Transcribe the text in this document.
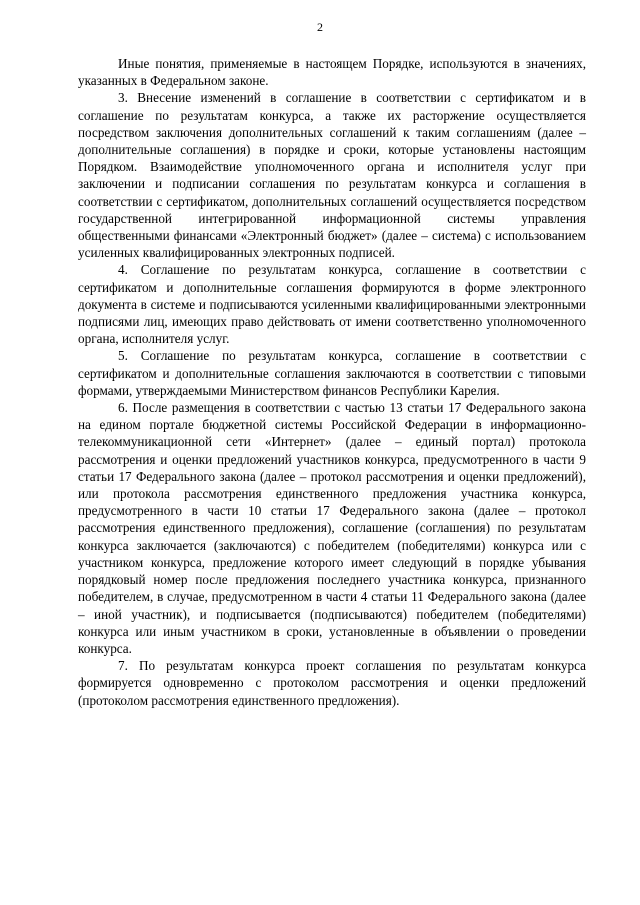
2

Иные понятия, применяемые в настоящем Порядке, используются в значениях, указанных в Федеральном законе.

3. Внесение изменений в соглашение в соответствии с сертификатом и в соглашение по результатам конкурса, а также их расторжение осуществляется посредством заключения дополнительных соглашений к таким соглашениям (далее – дополнительные соглашения) в порядке и сроки, которые установлены настоящим Порядком. Взаимодействие уполномоченного органа и исполнителя услуг при заключении и подписании соглашения по результатам конкурса и соглашения в соответствии с сертификатом, дополнительных соглашений осуществляется посредством государственной интегрированной информационной системы управления общественными финансами «Электронный бюджет» (далее – система) с использованием усиленных квалифицированных электронных подписей.

4. Соглашение по результатам конкурса, соглашение в соответствии с сертификатом и дополнительные соглашения формируются в форме электронного документа в системе и подписываются усиленными квалифицированными электронными подписями лиц, имеющих право действовать от имени соответственно уполномоченного органа, исполнителя услуг.

5. Соглашение по результатам конкурса, соглашение в соответствии с сертификатом и дополнительные соглашения заключаются в соответствии с типовыми формами, утверждаемыми Министерством финансов Республики Карелия.

6. После размещения в соответствии с частью 13 статьи 17 Федерального закона на едином портале бюджетной системы Российской Федерации в информационно-телекоммуникационной сети «Интернет» (далее – единый портал) протокола рассмотрения и оценки предложений участников конкурса, предусмотренного в части 9 статьи 17 Федерального закона (далее – протокол рассмотрения и оценки предложений), или протокола рассмотрения единственного предложения участника конкурса, предусмотренного в части 10 статьи 17 Федерального закона (далее – протокол рассмотрения единственного предложения), соглашение (соглашения) по результатам конкурса заключается (заключаются) с победителем (победителями) конкурса или с участником конкурса, предложение которого имеет следующий в порядке убывания порядковый номер после предложения последнего участника конкурса, признанного победителем, в случае, предусмотренном в части 4 статьи 11 Федерального закона (далее – иной участник), и подписывается (подписываются) победителем (победителями) конкурса или иным участником в сроки, установленные в объявлении о проведении конкурса.

7. По результатам конкурса проект соглашения по результатам конкурса формируется одновременно с протоколом рассмотрения и оценки предложений (протоколом рассмотрения единственного предложения).
